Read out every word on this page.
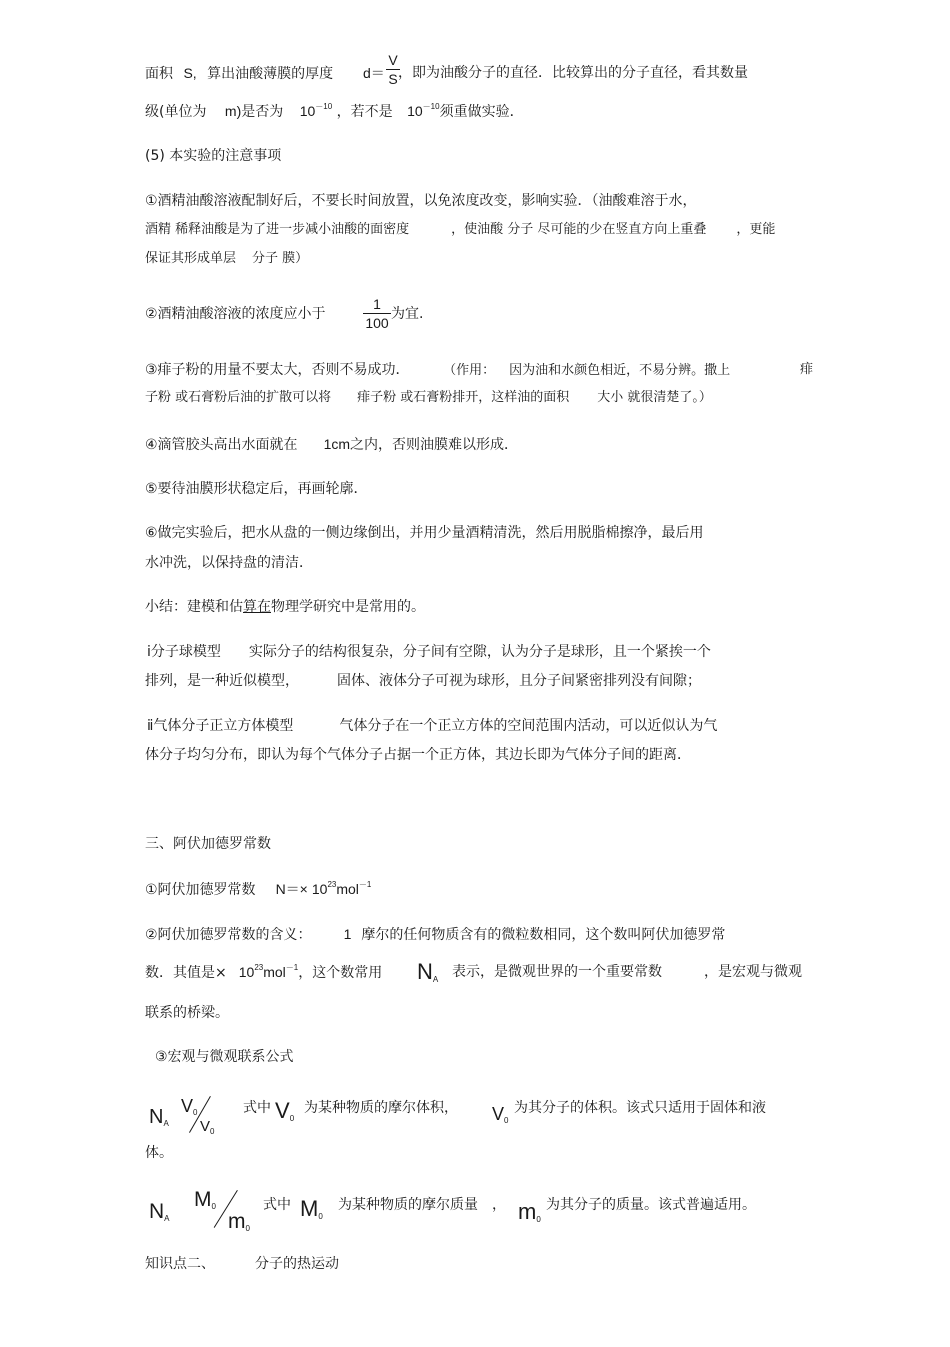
面积 S, 算出油酸薄膜的厚度 d＝
V
S ，即为油酸分子的直径．比较算出的分子直径，看其数量
级(单位为 m)是否为 $10^{-10}$ ，若不是 $10^{-10}$须重做实验．
(5) 本实验的注意事项
①酒精油酸溶液配制好后，不要长时间放置，以免浓度改变，影响实验．（油酸难溶于水，
酒精 稀释油酸是为了进一步减小油酸的面密度	，使油酸 分子 尽可能的少在竖直方向上重叠 ，更能
保证其形成单层 分子 膜）
②酒精油酸溶液的浓度应小于
1
100
为宜.
③痱子粉的用量不要太大，否则不易成功．	（作用： 因为油和水颜色相近，不易分辨。撒上	痱
子粉 或石膏粉后油的扩散可以将 痱子粉 或石膏粉排开，这样油的面积 大小 就很清楚了。）
④滴管胶头高出水面就在 1cm之内，否则油膜难以形成．
⑤要待油膜形状稳定后，再画轮廓．
⑥做完实验后，把水从盘的一侧边缘倒出，并用少量酒精清洗，然后用脱脂棉擦净，最后用
水冲洗，以保持盘的清洁．
小结：建模和估算在物理学研究中是常用的。
ⅰ分子球模型 实际分子的结构很复杂，分子间有空隙，认为分子是球形，且一个紧挨一个
排列，是一种近似模型，	固体、液体分子可视为球形，且分子间紧密排列没有间隙；
ⅱ气体分子正立方体模型	气体分子在一个正立方体的空间范围内活动，可以近似认为气
体分子均匀分布，即认为每个气体分子占据一个正方体，其边长即为气体分子间的距离．
三、阿伏加德罗常数
①阿伏加德罗常数 $N=\times 10^{23}mol^{-1}$
②阿伏加德罗常数的含义： 1 摩尔的任何物质含有的微粒数相同，这个数叫阿伏加德罗常
数．其值是× $10^{23}mol^{-1}$，这个数常用 $N_A$ 表示，是微观世界的一个重要常数	，是宏观与微观
联系的桥梁。
③宏观与微观联系公式
$N_A$
$V_0$
$V_0$
式中 $V_0$
为某种物质的摩尔体积， $V_0$
为其分子的体积。该式只适用于固体和液
体。
$N_A$
$M_0$
$m_0$
式中 $M_0$
为某种物质的摩尔质量 ， $m_0$
为其分子的质量。该式普遍适用。
知识点二、	分子的热运动
